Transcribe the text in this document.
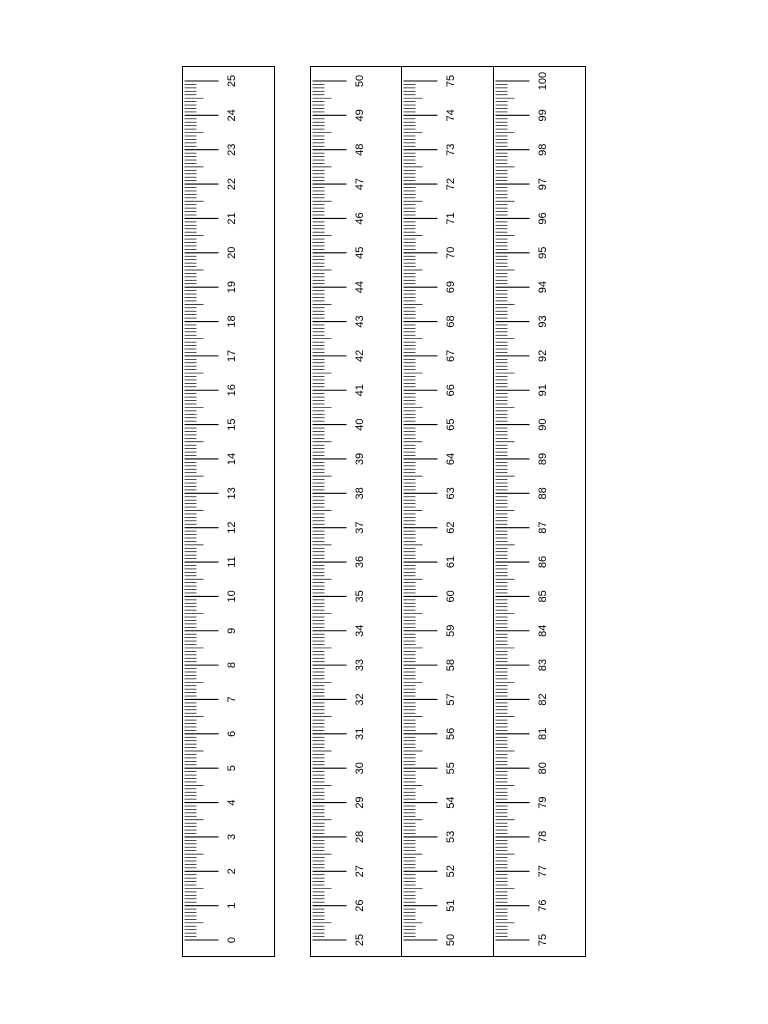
0
1
2
3
4
5
6
7
8
9
10
11
12
13
14
15
16
17
18
19
20
21
22
23
24
25
25
26
27
28
29
30
31
32
33
34
35
36
37
38
39
40
41
42
43
44
45
46
47
48
49
50
50
51
52
53
54
55
56
57
58
59
60
61
62
63
64
65
66
67
68
69
70
71
72
73
74
75
75
76
77
78
79
80
81
82
83
84
85
86
87
88
89
90
91
92
93
94
95
96
97
98
99
100
